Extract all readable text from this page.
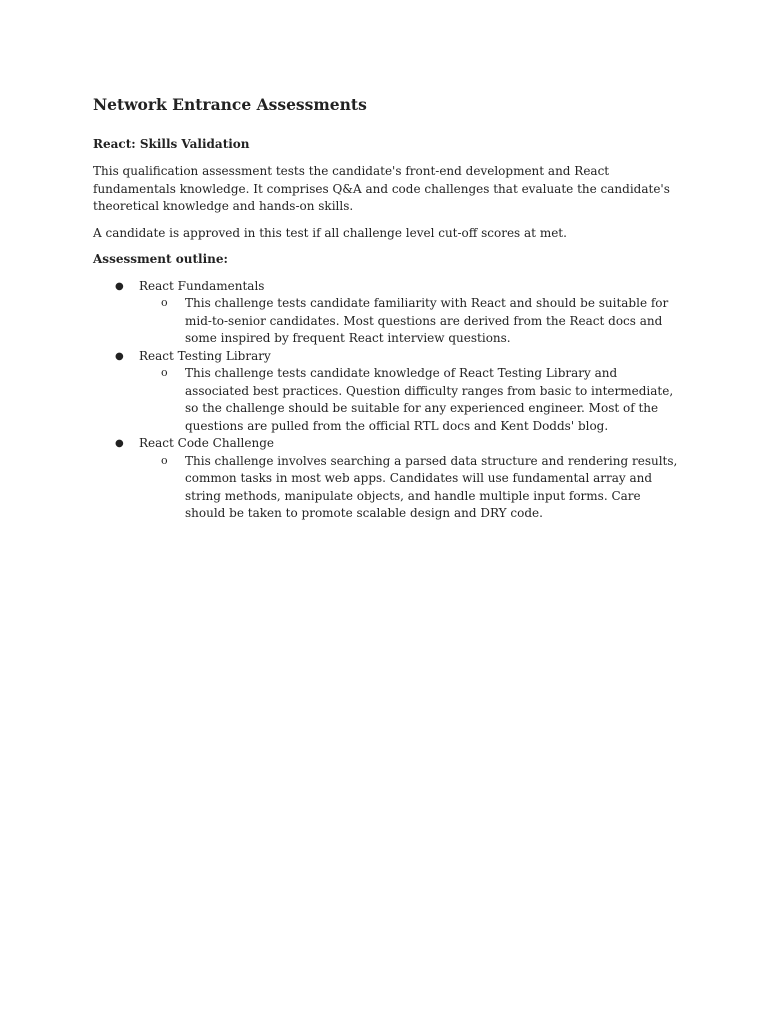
Network Entrance Assessments
React: Skills Validation

This qualification assessment tests the candidate's front-end development and React fundamentals knowledge. It comprises Q&A and code challenges that evaluate the candidate's theoretical knowledge and hands-on skills.

A candidate is approved in this test if all challenge level cut-off scores at met.

Assessment outline:
● React Fundamentals
o This challenge tests candidate familiarity with React and should be suitable for mid-to-senior candidates. Most questions are derived from the React docs and some inspired by frequent React interview questions.
● React Testing Library
o This challenge tests candidate knowledge of React Testing Library and associated best practices. Question difficulty ranges from basic to intermediate, so the challenge should be suitable for any experienced engineer. Most of the questions are pulled from the official RTL docs and Kent Dodds' blog.
● React Code Challenge
o This challenge involves searching a parsed data structure and rendering results, common tasks in most web apps. Candidates will use fundamental array and string methods, manipulate objects, and handle multiple input forms. Care should be taken to promote scalable design and DRY code.
